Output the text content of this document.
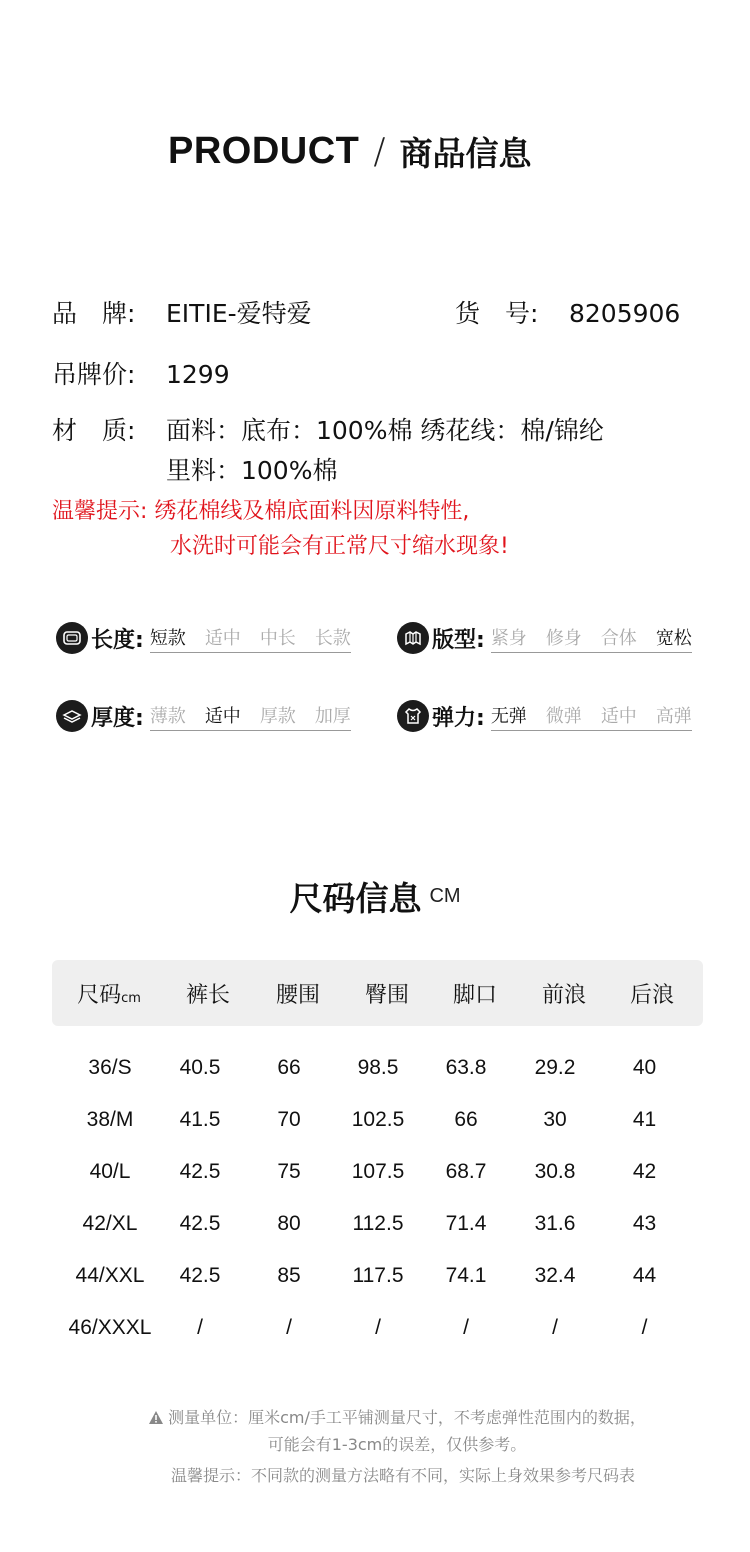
PRODUCT / 商品信息
品　牌: EITIE-爱特爱	货　号: 8205906
吊牌价: 1299
材　质: 面料：底布：100%棉 绣花线：棉/锦纶
里料：100%棉
温馨提示: 绣花棉线及棉底面料因原料特性,
水洗时可能会有正常尺寸缩水现象!
长度: 短款 适中 中长 长款	版型: 紧身 修身 合体 宽松
厚度: 薄款 适中 厚款 加厚	弹力: 无弹 微弹 适中 高弹
尺码信息 CM
尺码cm	裤长	腰围	臀围	脚口	前浪	后浪
36/S	40.5	66	98.5	63.8	29.2	40
38/M	41.5	70	102.5	66	30	41
40/L	42.5	75	107.5	68.7	30.8	42
42/XL	42.5	80	112.5	71.4	31.6	43
44/XXL	42.5	85	117.5	74.1	32.4	44
46/XXXL	/	/	/	/	/	/
测量单位：厘米cm/手工平铺测量尺寸，不考虑弹性范围内的数据，
可能会有1-3cm的误差，仅供参考。
温馨提示：不同款的测量方法略有不同，实际上身效果参考尺码表
